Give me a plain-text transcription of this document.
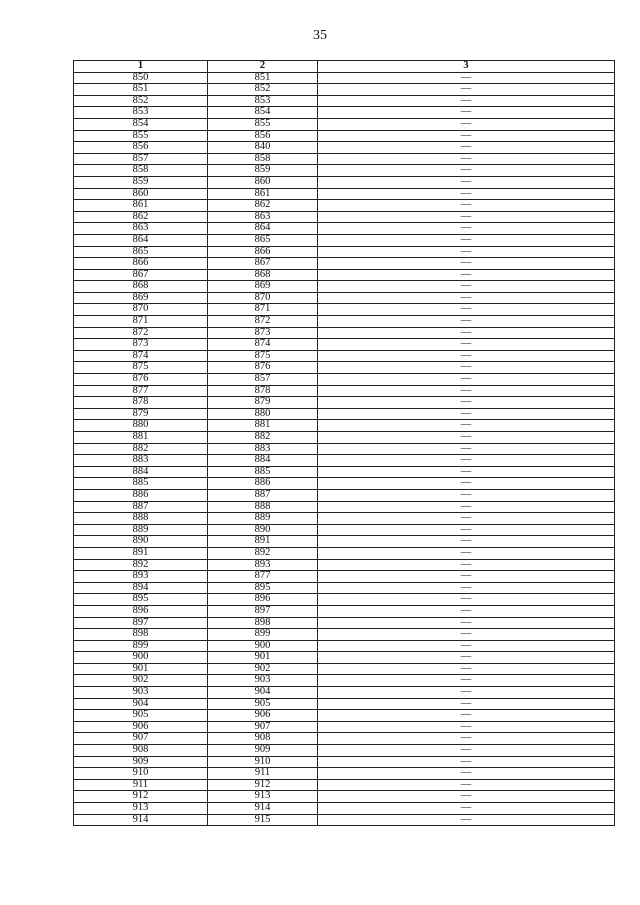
35
1	2	3
850	851	—
851	852	—
852	853	—
853	854	—
854	855	—
855	856	—
856	840	—
857	858	—
858	859	—
859	860	—
860	861	—
861	862	—
862	863	—
863	864	—
864	865	—
865	866	—
866	867	—
867	868	—
868	869	—
869	870	—
870	871	—
871	872	—
872	873	—
873	874	—
874	875	—
875	876	—
876	857	—
877	878	—
878	879	—
879	880	—
880	881	—
881	882	—
882	883	—
883	884	—
884	885	—
885	886	—
886	887	—
887	888	—
888	889	—
889	890	—
890	891	—
891	892	—
892	893	—
893	877	—
894	895	—
895	896	—
896	897	—
897	898	—
898	899	—
899	900	—
900	901	—
901	902	—
902	903	—
903	904	—
904	905	—
905	906	—
906	907	—
907	908	—
908	909	—
909	910	—
910	911	—
911	912	—
912	913	—
913	914	—
914	915	—
